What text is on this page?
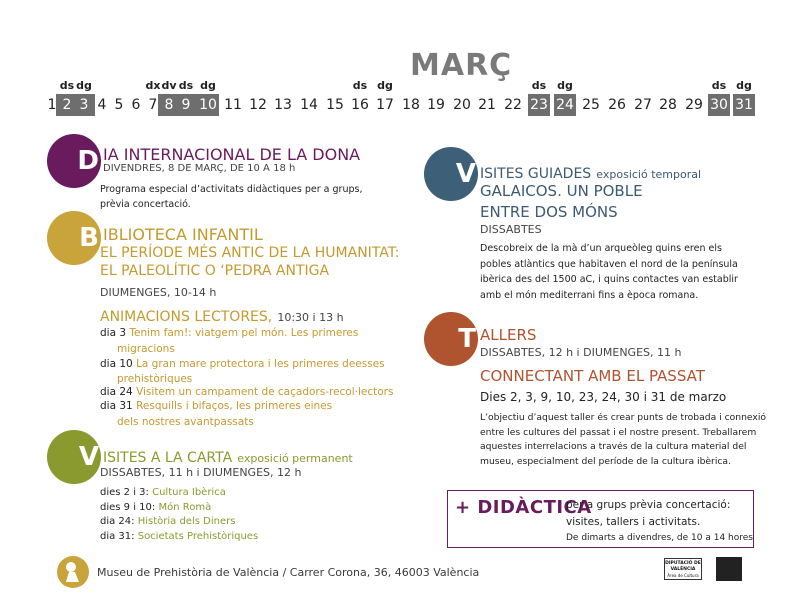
MARÇ
1 2
ds
3
dg
4 5 6 7
dx
8
dv
9
ds
10
dg
11 12 13 14 15 16
ds
17
dg
18 19 20 21 22 23
ds
24
dg
25 26 27 28 29 30
ds
31
dg
D IA INTERNACIONAL DE LA DONA
DIVENDRES, 8 DE MARÇ, DE 10 A 18 h
Programa especial d’activitats didàctiques per a grups,
prèvia concertació.
B IBLIOTECA INFANTIL
EL PERÍODE MÉS ANTIC DE LA HUMANITAT:
EL PALEOLÍTIC O ‘PEDRA ANTIGA
DIUMENGES, 10-14 h
ANIMACIONS LECTORES, 10:30 i 13 h
dia 3 Tenim fam!: viatgem pel món. Les primeres
migracions
dia 10 La gran mare protectora i les primeres deesses
prehistòriques
dia 24 Visitem un campament de caçadors-recol·lectors
dia 31 Resquills i bifaços, les primeres eines
dels nostres avantpassats
V ISITES A LA CARTA exposició permanent
DISSABTES, 11 h i DIUMENGES, 12 h
dies 2 i 3: Cultura Ibèrica
dies 9 i 10: Món Romà
dia 24: Història dels Diners
dia 31: Societats Prehistòriques
V ISITES GUIADES exposició temporal
GALAICOS. UN POBLE
ENTRE DOS MÓNS
DISSABTES
Descobreix de la mà d’un arqueòleg quins eren els
pobles atlàntics que habitaven el nord de la península
ibèrica des del 1500 aC, i quins contactes van establir
amb el món mediterrani fins a època romana.
T ALLERS
DISSABTES, 12 h i DIUMENGES, 11 h
CONNECTANT AMB EL PASSAT
Dies 2, 3, 9, 10, 23, 24, 30 i 31 de marzo
L’objectiu d’aquest taller és crear punts de trobada i connexió
entre les cultures del passat i el nostre present. Treballarem
aquestes interrelacions a través de la cultura material del
museu, especialment del període de la cultura ibèrica.
+ DIDÀCTICA
per a grups prèvia concertació:
visites, tallers i activitats.
De dimarts a divendres, de 10 a 14 hores
Museu de Prehistòria de València / Carrer Corona, 36, 46003 València
DIPUTACIÓ DE VALÈNCIA
Àrea de Cultura
